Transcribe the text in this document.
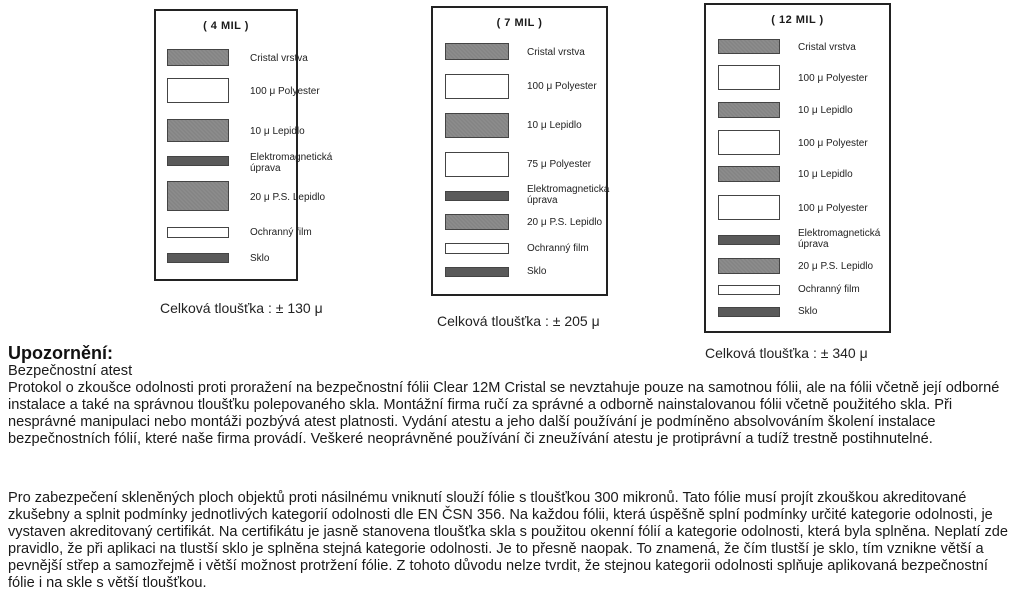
( 4 MIL )
Cristal vrstva
100 μ Polyester
10 μ Lepidlo
Elektromagnetická
úprava
20 μ P.S. Lepidlo
Ochranný film
Sklo
Celková tloušťka : ± 130 μ
( 7 MIL )
Cristal vrstva
100 μ Polyester
10 μ Lepidlo
75 μ Polyester
Elektromagnetická
úprava
20 μ P.S. Lepidlo
Ochranný film
Sklo
Celková tloušťka : ± 205 μ
( 12 MIL )
Cristal vrstva
100 μ Polyester
10 μ Lepidlo
100 μ Polyester
10 μ Lepidlo
100 μ Polyester
Elektromagnetická
úprava
20 μ P.S. Lepidlo
Ochranný film
Sklo
Celková tloušťka : ± 340 μ
Upozornění:

Bezpečnostní atest

Protokol o zkoušce odolnosti proti proražení na bezpečnostní fólii Clear 12M Cristal se nevztahuje pouze na samotnou fólii, ale na fólii včetně její odborné instalace a také na správnou tloušťku polepovaného skla. Montážní firma ručí za správné a odborně nainstalovanou fólii včetně použitého skla. Při nesprávné manipulaci nebo montáži pozbývá atest platnosti. Vydání atestu a jeho další používání je podmíněno absolvováním školení instalace bezpečnostních fólií, které naše firma provádí. Veškeré neoprávněné používání či zneužívání atestu je protiprávní a tudíž trestně postihnutelné.

Pro zabezpečení skleněných ploch objektů proti násilnému vniknutí slouží fólie s tloušťkou 300 mikronů. Tato fólie musí projít zkouškou akreditované zkušebny a splnit podmínky jednotlivých kategorií odolnosti dle EN ČSN 356. Na každou fólii, která úspěšně splní podmínky určité kategorie odolnosti, je vystaven akreditovaný certifikát. Na certifikátu je jasně stanovena tloušťka skla s použitou okenní fólií a kategorie odolnosti, která byla splněna. Neplatí zde pravidlo, že při aplikaci na tlustší sklo je splněna stejná kategorie odolnosti. Je to přesně naopak. To znamená, že čím tlustší je sklo, tím vznikne větší a pevnější střep a samozřejmě i větší možnost protržení fólie. Z tohoto důvodu nelze tvrdit, že stejnou kategorii odolnosti splňuje aplikovaná bezpečnostní fólie i na skle s větší tloušťkou.
